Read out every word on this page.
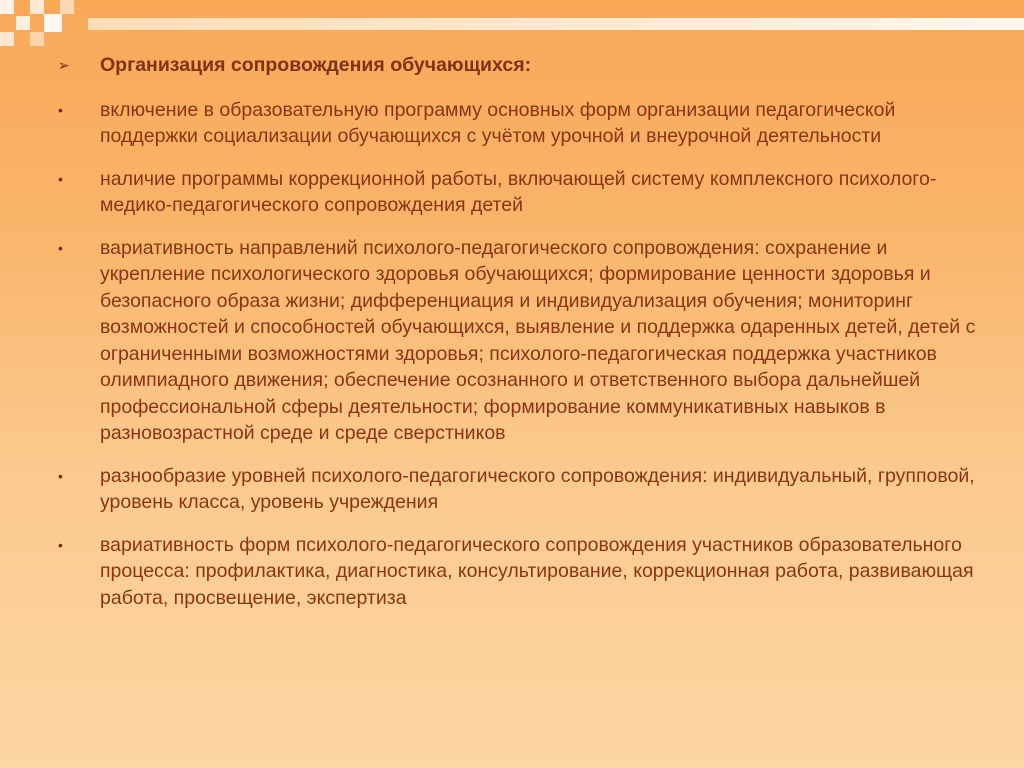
➢	Организация сопровождения обучающихся:
•	включение в образовательную программу основных форм организации педагогической поддержки социализации обучающихся с учётом урочной и внеурочной деятельности
•	наличие программы коррекционной работы, включающей систему комплексного психолого-медико-педагогического сопровождения детей
•	вариативность направлений психолого-педагогического сопровождения: сохранение и укрепление психологического здоровья обучающихся; формирование ценности здоровья и безопасного образа жизни; дифференциация и индивидуализация обучения; мониторинг возможностей и способностей обучающихся, выявление и поддержка одаренных детей, детей с ограниченными возможностями здоровья; психолого-педагогическая поддержка участников олимпиадного движения; обеспечение осознанного и ответственного выбора дальнейшей профессиональной сферы деятельности; формирование коммуникативных навыков в разновозрастной среде и среде сверстников
•	разнообразие уровней психолого-педагогического сопровождения: индивидуальный, групповой, уровень класса, уровень учреждения
•	вариативность форм психолого-педагогического сопровождения участников образовательного процесса: профилактика, диагностика, консультирование, коррекционная работа, развивающая работа, просвещение, экспертиза
